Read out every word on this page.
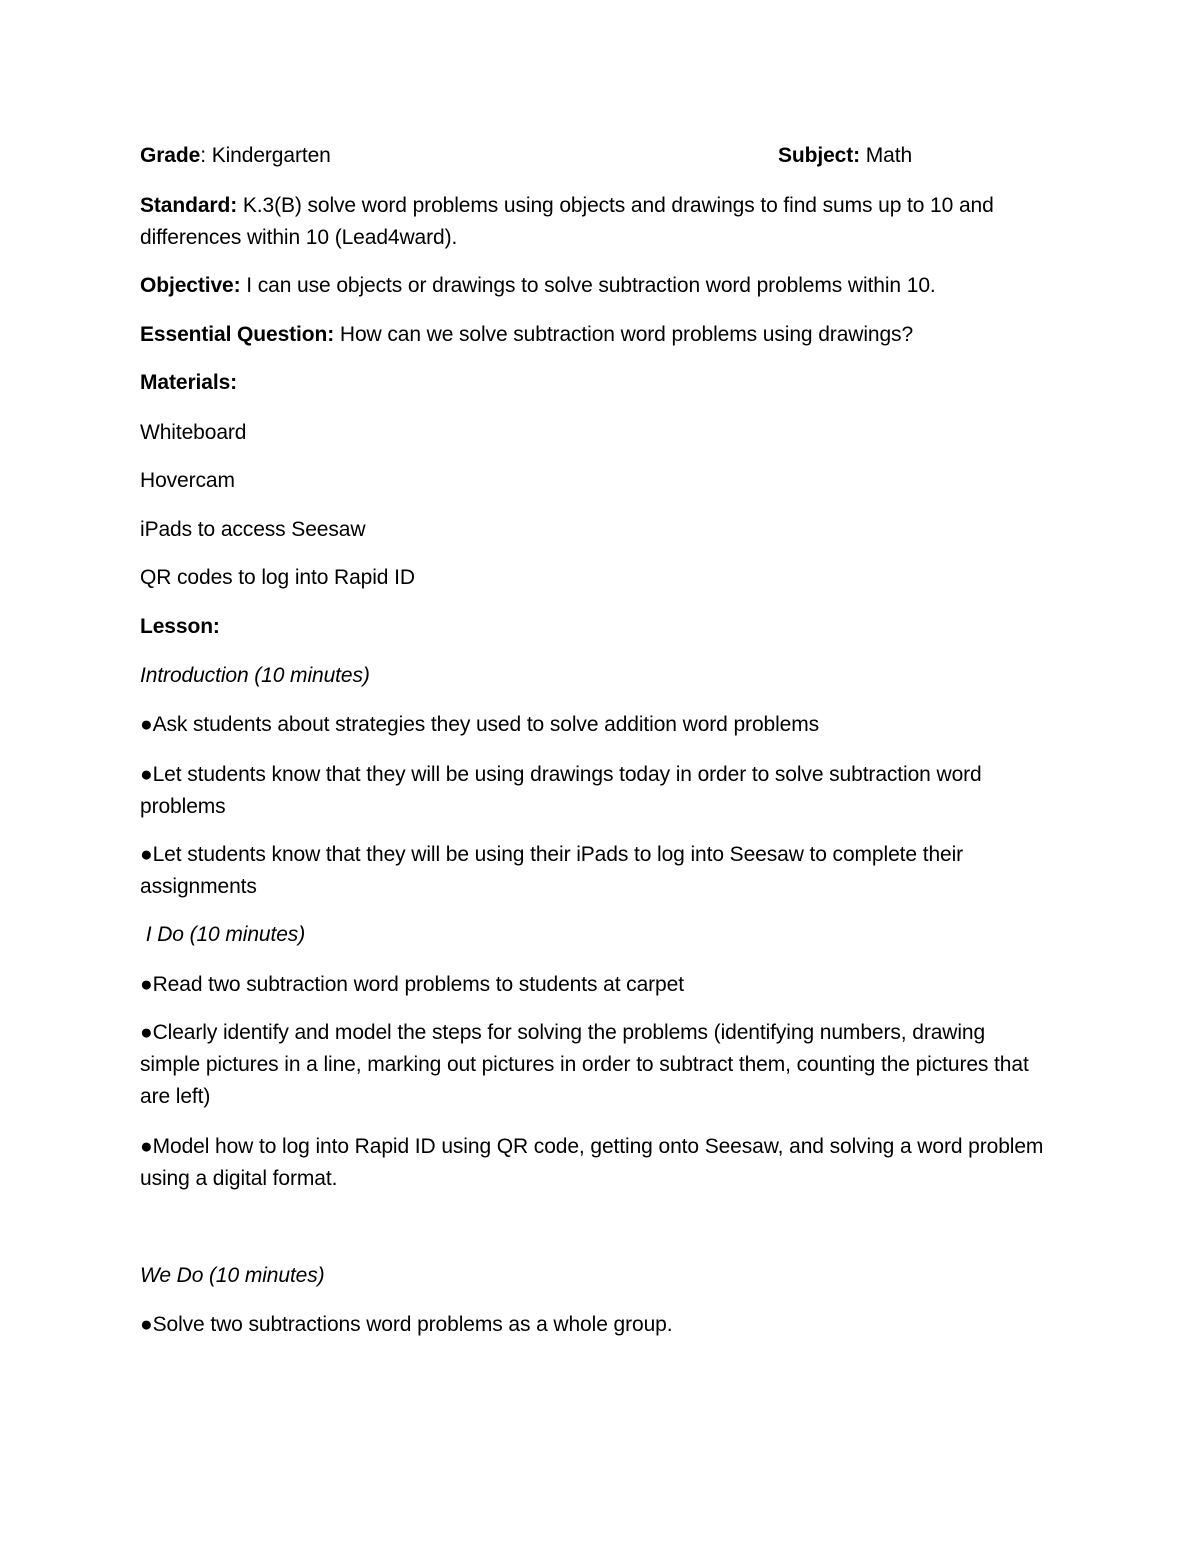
Grade: Kindergarten	Subject: Math
Standard: K.3(B) solve word problems using objects and drawings to find sums up to 10 and differences within 10 (Lead4ward).
Objective: I can use objects or drawings to solve subtraction word problems within 10.
Essential Question: How can we solve subtraction word problems using drawings?
Materials:
Whiteboard
Hovercam
iPads to access Seesaw
QR codes to log into Rapid ID
Lesson:
Introduction (10 minutes)
●Ask students about strategies they used to solve addition word problems
●Let students know that they will be using drawings today in order to solve subtraction word problems
●Let students know that they will be using their iPads to log into Seesaw to complete their assignments
I Do (10 minutes)
●Read two subtraction word problems to students at carpet
●Clearly identify and model the steps for solving the problems (identifying numbers, drawing simple pictures in a line, marking out pictures in order to subtract them, counting the pictures that are left)
●Model how to log into Rapid ID using QR code, getting onto Seesaw, and solving a word problem using a digital format.
We Do (10 minutes)
●Solve two subtractions word problems as a whole group.
